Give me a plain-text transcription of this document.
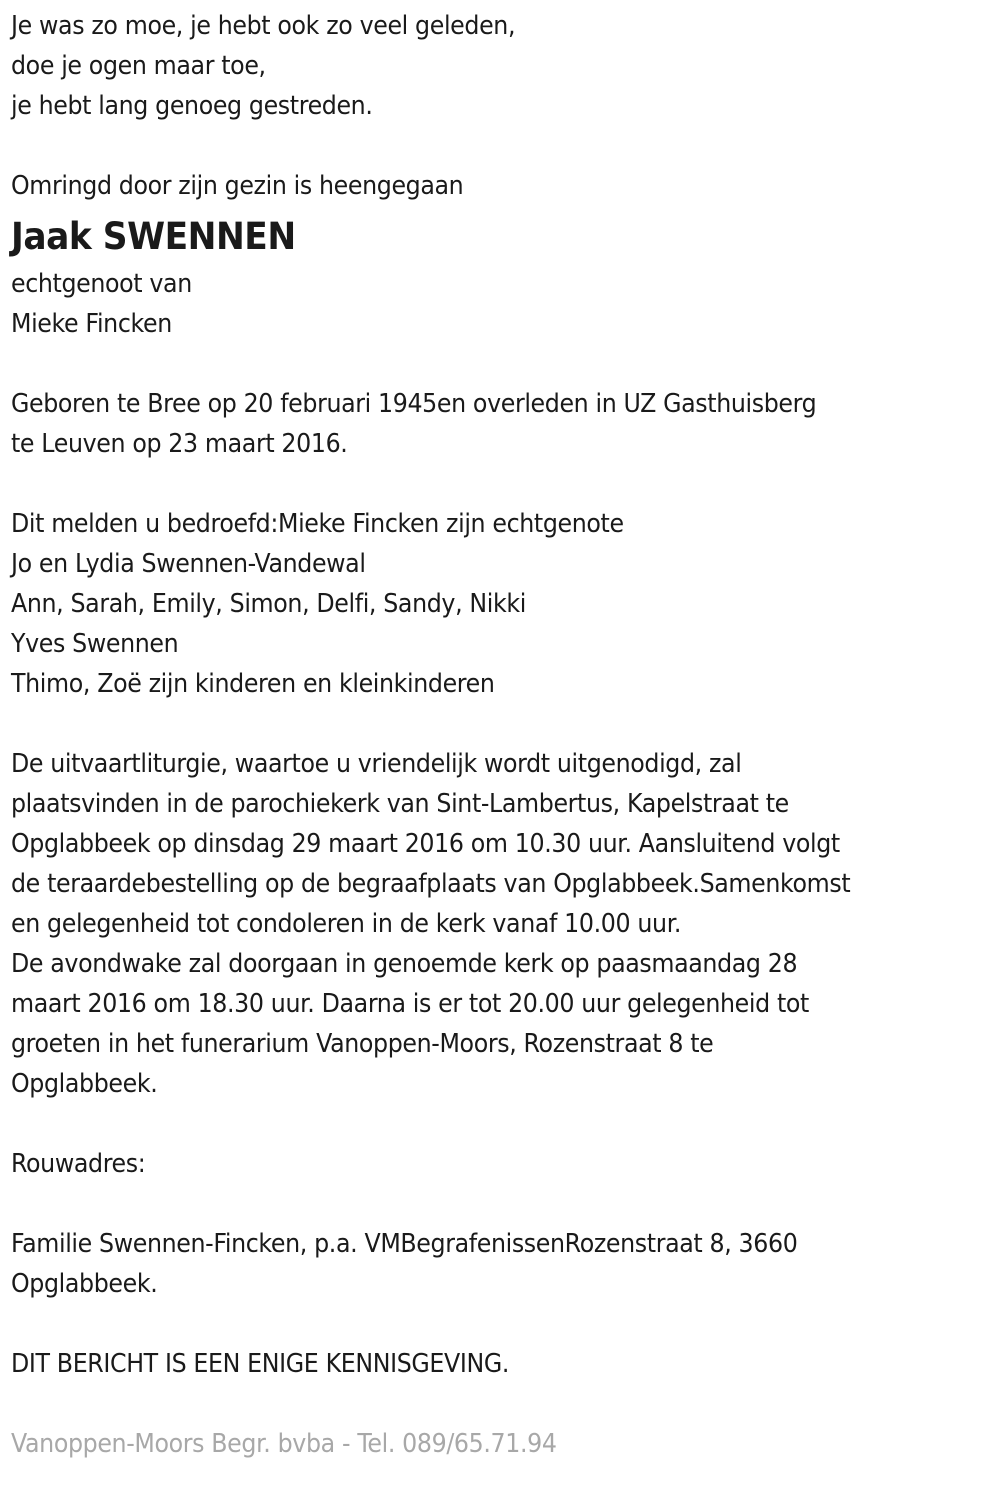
Je was zo moe, je hebt ook zo veel geleden,
doe je ogen maar toe,
je hebt lang genoeg gestreden.
Omringd door zijn gezin is heengegaan
Jaak SWENNEN
echtgenoot van
Mieke Fincken
Geboren te Bree op 20 februari 1945en overleden in UZ Gasthuisberg
te Leuven op 23 maart 2016.
Dit melden u bedroefd:Mieke Fincken zijn echtgenote
Jo en Lydia Swennen-Vandewal
Ann, Sarah, Emily, Simon, Delfi, Sandy, Nikki
Yves Swennen
Thimo, Zoë zijn kinderen en kleinkinderen
De uitvaartliturgie, waartoe u vriendelijk wordt uitgenodigd, zal
plaatsvinden in de parochiekerk van Sint-Lambertus, Kapelstraat te
Opglabbeek op dinsdag 29 maart 2016 om 10.30 uur. Aansluitend volgt
de teraardebestelling op de begraafplaats van Opglabbeek.Samenkomst
en gelegenheid tot condoleren in de kerk vanaf 10.00 uur.
De avondwake zal doorgaan in genoemde kerk op paasmaandag 28
maart 2016 om 18.30 uur. Daarna is er tot 20.00 uur gelegenheid tot
groeten in het funerarium Vanoppen-Moors, Rozenstraat 8 te
Opglabbeek.
Rouwadres:
Familie Swennen-Fincken, p.a. VMBegrafenissenRozenstraat 8, 3660
Opglabbeek.
DIT BERICHT IS EEN ENIGE KENNISGEVING.
Vanoppen-Moors Begr. bvba - Tel. 089/65.71.94
